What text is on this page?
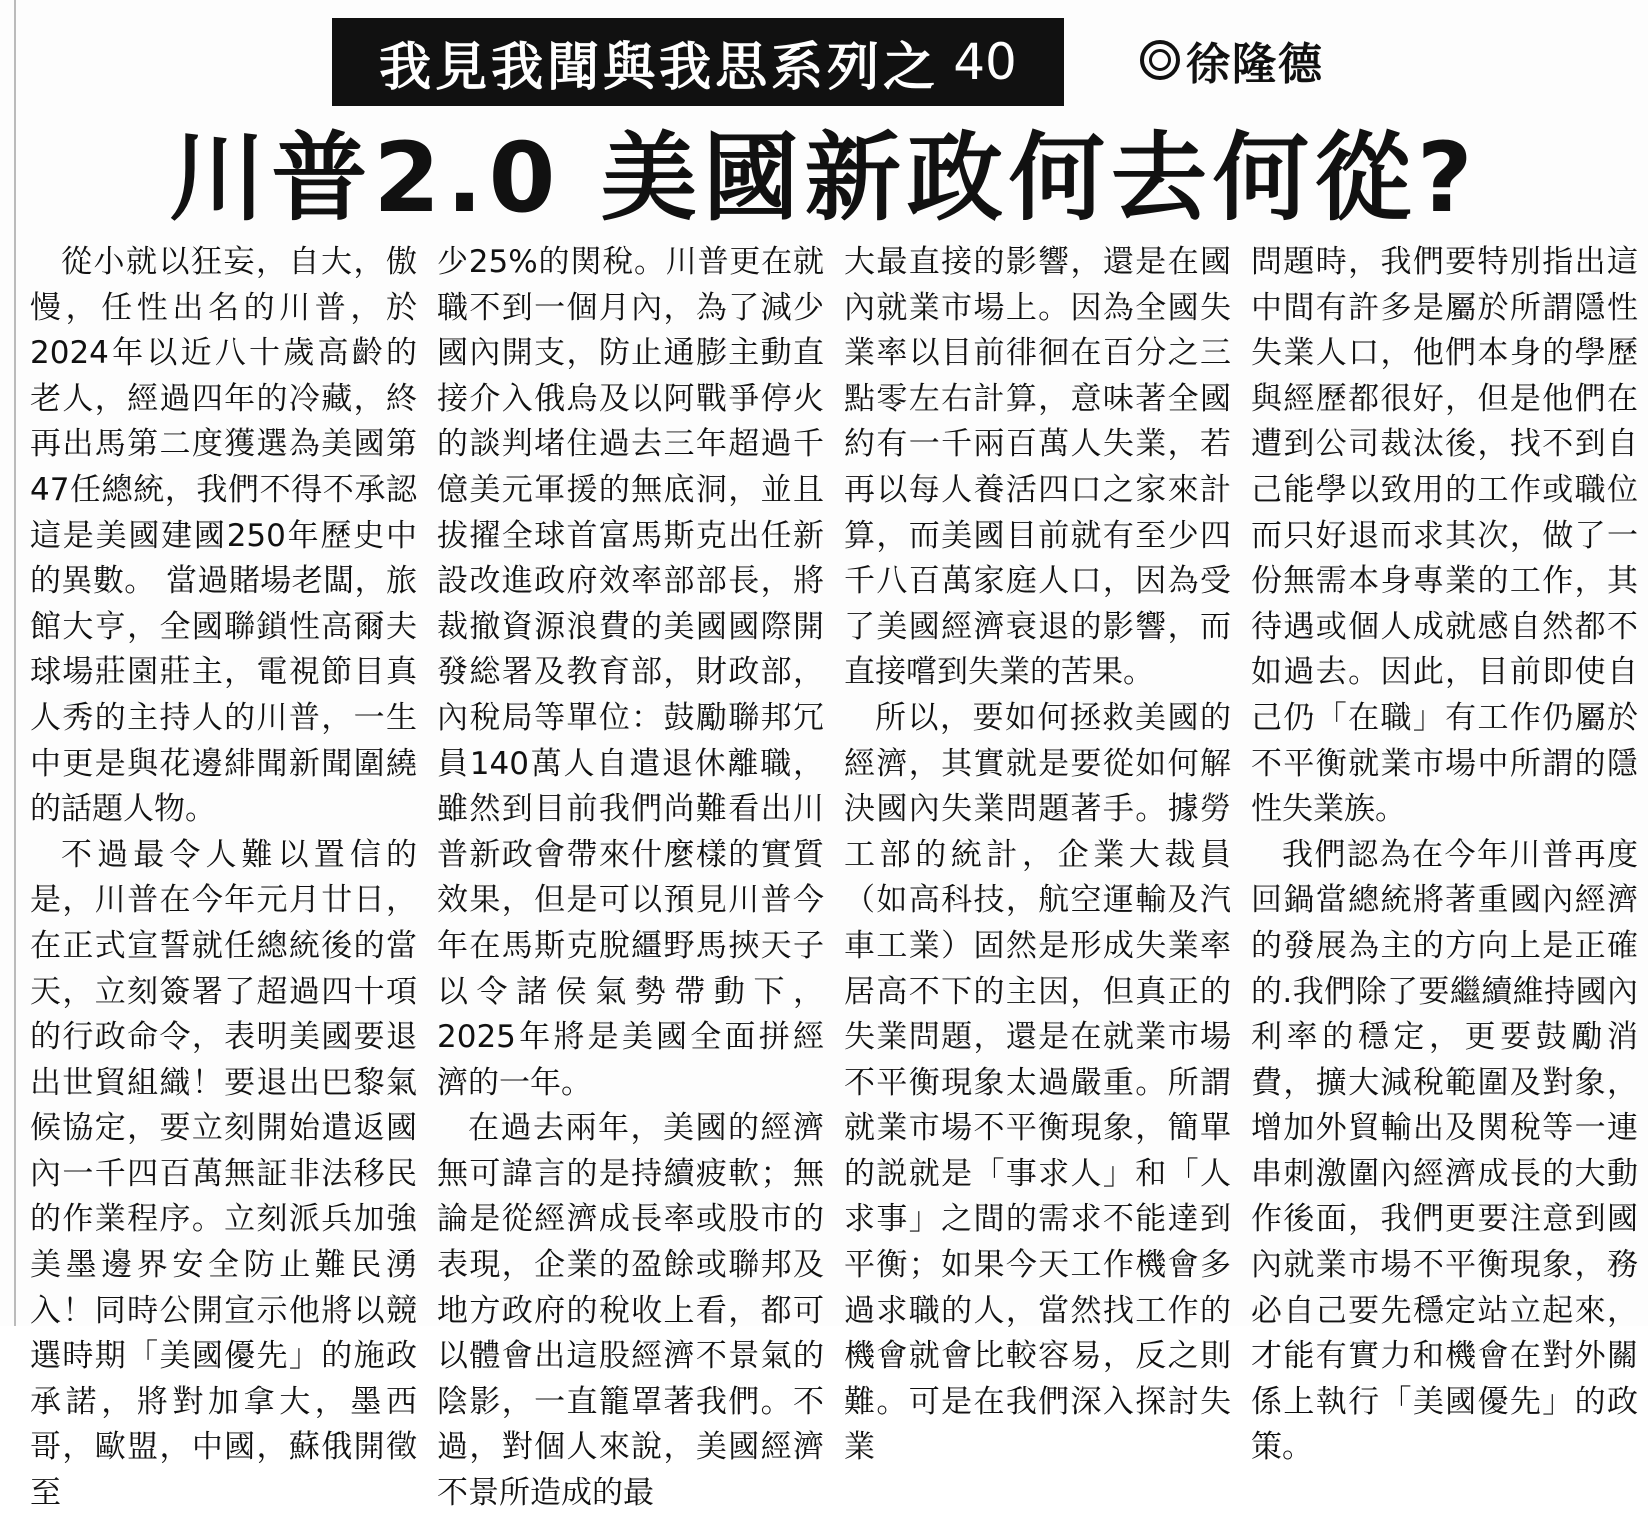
我見我聞與我思系列之 40	徐隆德
川普2.0 美國新政何去何從?

從小就以狂妄，自大，傲慢，任性出名的川普，於2024年以近八十歲高齡的老人，經過四年的冷藏，終再出馬第二度獲選為美國第47任總統，我們不得不承認這是美國建國250年歷史中的異數。 當過賭場老闆，旅館大亨，全國聯鎖性高爾夫球場莊園莊主，電視節目真人秀的主持人的川普，一生中更是與花邊緋聞新聞圍繞的話題人物。

不過最令人難以置信的是，川普在今年元月廿日，在正式宣誓就任總統後的當天，立刻簽署了超過四十項的行政命令，表明美國要退出世貿組織！要退出巴黎氣候協定，要立刻開始遣返國內一千四百萬無証非法移民的作業程序。立刻派兵加強美墨邊界安全防止難民湧入！同時公開宣示他將以競選時期「美國優先」的施政承諾，將對加拿大，墨西哥，歐盟，中國，蘇俄開徵至

少25%的関稅。川普更在就職不到一個月內，為了減少國內開支，防止通膨主動直接介入俄烏及以阿戰爭停火的談判堵住過去三年超過千億美元軍援的無底洞，並且拔擢全球首富馬斯克出任新設改進政府效率部部長，將裁撤資源浪費的美國國際開發総署及教育部，財政部，內稅局等單位：鼓勵聯邦冗員140萬人自遣退休離職，雖然到目前我們尚難看出川普新政會帶來什麼樣的實質效果，但是可以預見川普今年在馬斯克脫繮野馬挾天子以令諸侯氣勢帶動下，2025年將是美國全面拼經濟的一年。

在過去兩年，美國的經濟無可諱言的是持續疲軟；無論是從經濟成長率或股市的表現，企業的盈餘或聯邦及地方政府的稅收上看，都可以體會出這股經濟不景氣的陰影，一直籠罩著我們。不過，對個人來說，美國經濟不景所造成的最

大最直接的影響，還是在國內就業市場上。因為全國失業率以目前徘徊在百分之三點零左右計算，意味著全國約有一千兩百萬人失業，若再以每人養活四口之家來計算，而美國目前就有至少四千八百萬家庭人口，因為受了美國經濟衰退的影響，而直接嚐到失業的苦果。

所以，要如何拯救美國的經濟，其實就是要從如何解決國內失業問題著手。據勞工部的統計，企業大裁員（如高科技，航空運輸及汽車工業）固然是形成失業率居高不下的主因，但真正的失業問題，還是在就業市場不平衡現象太過嚴重。所謂就業市場不平衡現象，簡單的説就是「事求人」和「人求事」之間的需求不能達到平衡；如果今天工作機會多過求職的人，當然找工作的機會就會比較容易，反之則難。可是在我們深入探討失業

問題時，我們要特別指出這中間有許多是屬於所謂隱性失業人口，他們本身的學歷與經歷都很好，但是他們在遭到公司裁汰後，找不到自己能學以致用的工作或職位而只好退而求其次，做了一份無需本身專業的工作，其待遇或個人成就感自然都不如過去。因此，目前即使自己仍「在職」有工作仍屬於不平衡就業市場中所謂的隱性失業族。

我們認為在今年川普再度回鍋當總統將著重國內經濟的發展為主的方向上是正確的.我們除了要繼續維持國內利率的穩定，更要鼓勵消費，擴大減稅範圍及對象，增加外貿輸出及関稅等一連串刺激圍內經濟成長的大動作後面，我們更要注意到國內就業市場不平衡現象，務必自己要先穩定站立起來，才能有實力和機會在對外關係上執行「美國優先」的政策。
